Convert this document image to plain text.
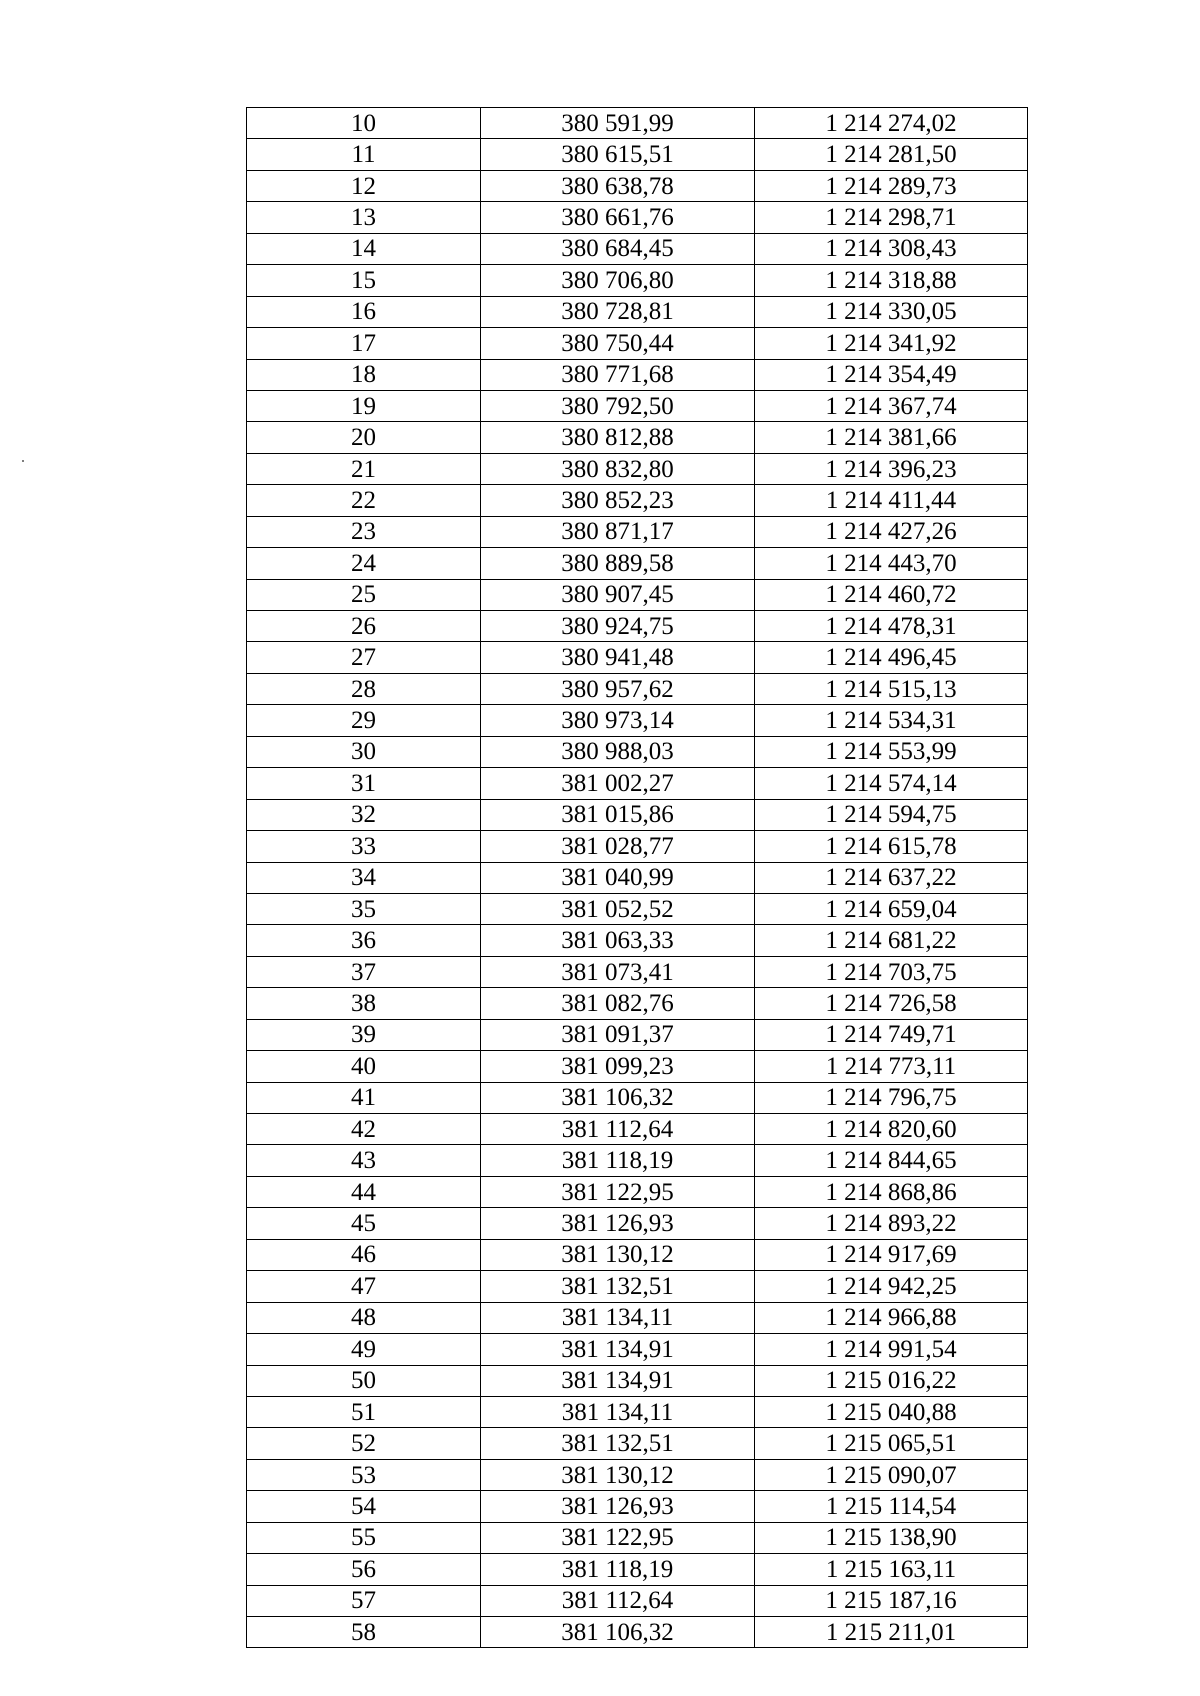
10	380 591,99	1 214 274,02
11	380 615,51	1 214 281,50
12	380 638,78	1 214 289,73
13	380 661,76	1 214 298,71
14	380 684,45	1 214 308,43
15	380 706,80	1 214 318,88
16	380 728,81	1 214 330,05
17	380 750,44	1 214 341,92
18	380 771,68	1 214 354,49
19	380 792,50	1 214 367,74
20	380 812,88	1 214 381,66
21	380 832,80	1 214 396,23
22	380 852,23	1 214 411,44
23	380 871,17	1 214 427,26
24	380 889,58	1 214 443,70
25	380 907,45	1 214 460,72
26	380 924,75	1 214 478,31
27	380 941,48	1 214 496,45
28	380 957,62	1 214 515,13
29	380 973,14	1 214 534,31
30	380 988,03	1 214 553,99
31	381 002,27	1 214 574,14
32	381 015,86	1 214 594,75
33	381 028,77	1 214 615,78
34	381 040,99	1 214 637,22
35	381 052,52	1 214 659,04
36	381 063,33	1 214 681,22
37	381 073,41	1 214 703,75
38	381 082,76	1 214 726,58
39	381 091,37	1 214 749,71
40	381 099,23	1 214 773,11
41	381 106,32	1 214 796,75
42	381 112,64	1 214 820,60
43	381 118,19	1 214 844,65
44	381 122,95	1 214 868,86
45	381 126,93	1 214 893,22
46	381 130,12	1 214 917,69
47	381 132,51	1 214 942,25
48	381 134,11	1 214 966,88
49	381 134,91	1 214 991,54
50	381 134,91	1 215 016,22
51	381 134,11	1 215 040,88
52	381 132,51	1 215 065,51
53	381 130,12	1 215 090,07
54	381 126,93	1 215 114,54
55	381 122,95	1 215 138,90
56	381 118,19	1 215 163,11
57	381 112,64	1 215 187,16
58	381 106,32	1 215 211,01
